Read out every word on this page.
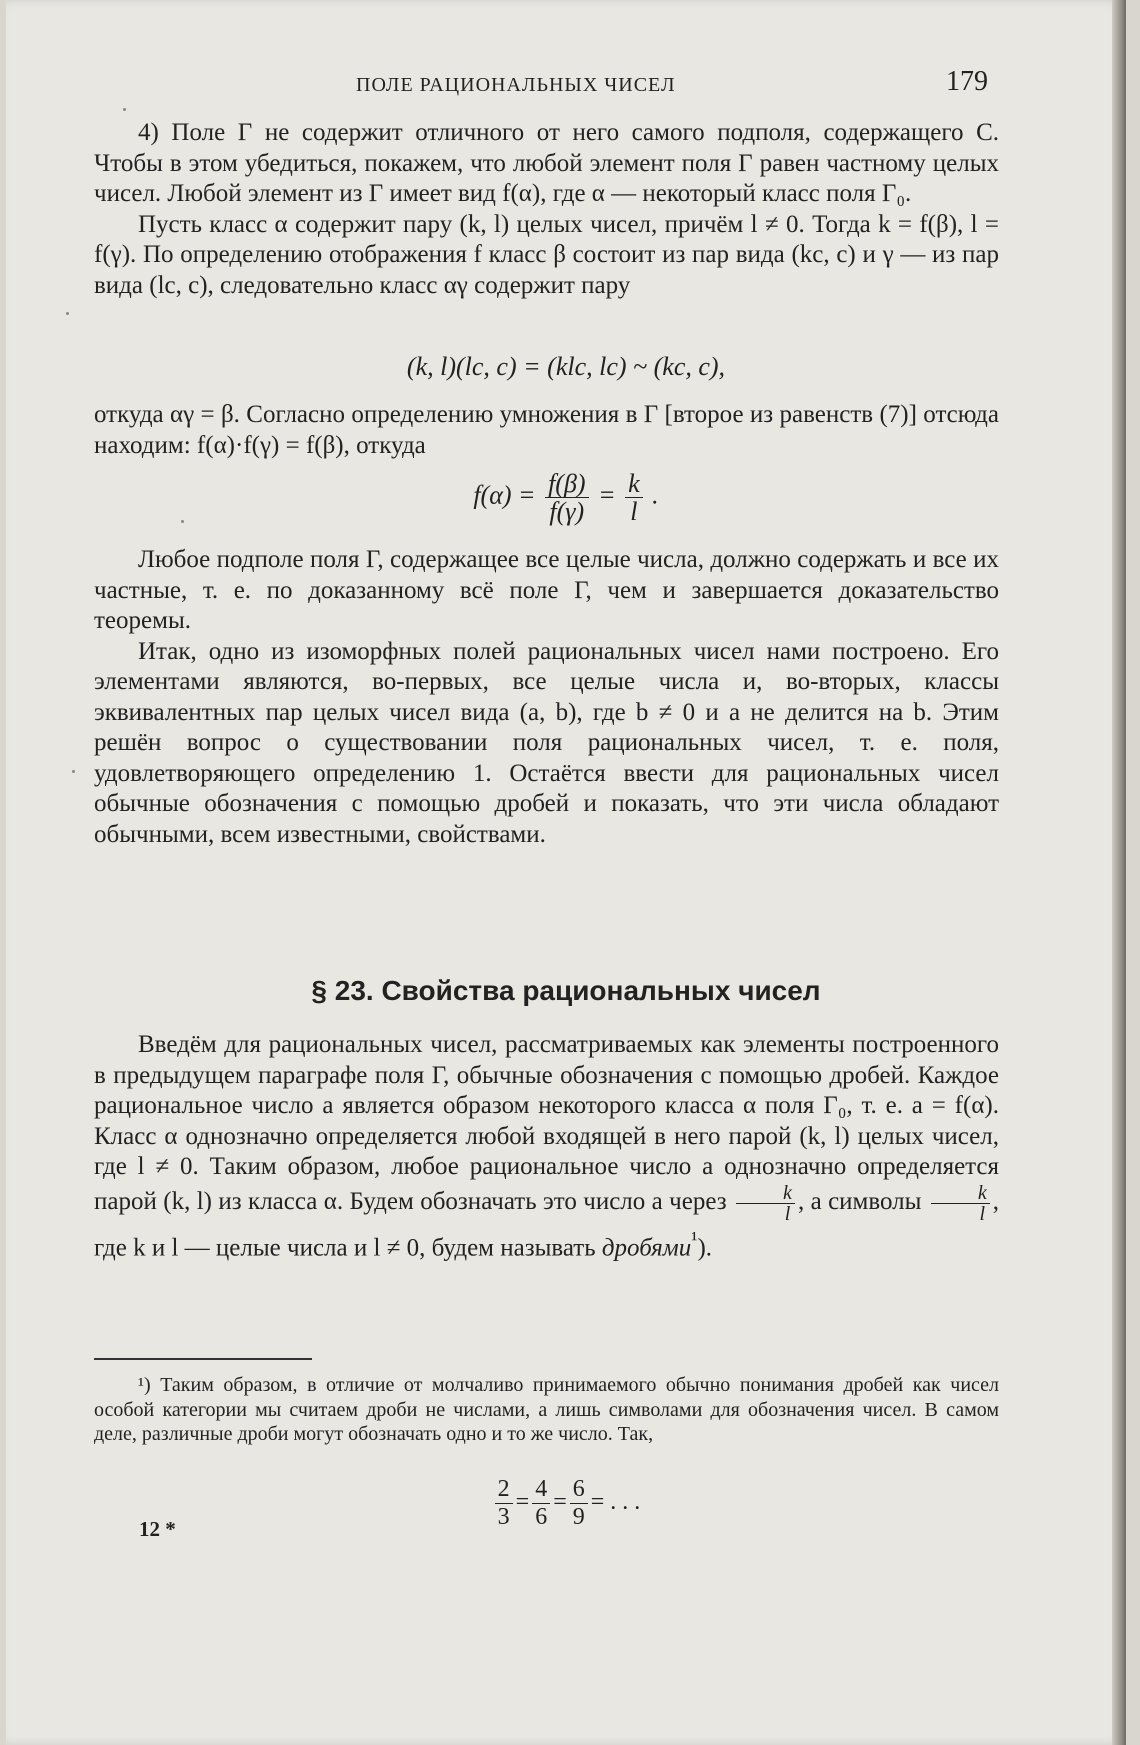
ПОЛЕ РАЦИОНАЛЬНЫХ ЧИСЕЛ	179

4) Поле Γ не содержит отличного от него самого подполя, содержащего C. Чтобы в этом убедиться, покажем, что любой элемент поля Γ равен частному целых чисел. Любой элемент из Γ имеет вид f(α), где α — некоторый класс поля Γ₀.

Пусть класс α содержит пару (k, l) целых чисел, причём l ≠ 0. Тогда k = f(β), l = f(γ). По определению отображения f класс β состоит из пар вида (kc, c) и γ — из пар вида (lc, c), следовательно класс αγ содержит пару

(k, l)(lc, c) = (klc, lc) ~ (kc, c),

откуда αγ = β. Согласно определению умножения в Γ [второе из равенств (7)] отсюда находим: f(α)·f(γ) = f(β), откуда

$f(\alpha) = \frac{f(\beta)}{f(\gamma)} = \frac{k}{l}$ .

Любое подполе поля Γ, содержащее все целые числа, должно содержать и все их частные, т. е. по доказанному всё поле Γ, чем и завершается доказательство теоремы.

Итак, одно из изоморфных полей рациональных чисел нами построено. Его элементами являются, во-первых, все целые числа и, во-вторых, классы эквивалентных пар целых чисел вида (a, b), где b ≠ 0 и a не делится на b. Этим решён вопрос о существовании поля рациональных чисел, т. е. поля, удовлетворяющего определению 1. Остаётся ввести для рациональных чисел обычные обозначения с помощью дробей и показать, что эти числа обладают обычными, всем известными, свойствами.

§ 23. Свойства рациональных чисел

Введём для рациональных чисел, рассматриваемых как элементы построенного в предыдущем параграфе поля Γ, обычные обозначения с помощью дробей. Каждое рациональное число a является образом некоторого класса α поля Γ₀, т. е. a = f(α). Класс α однозначно определяется любой входящей в него парой (k, l) целых чисел, где l ≠ 0. Таким образом, любое рациональное число a однозначно определяется парой (k, l) из класса α. Будем обозначать это число a через $\frac{k}{l}$ , а символы $\frac{k}{l}$ , где k и l — целые числа и l ≠ 0, будем называть дробями$^{^1}$).

¹) Таким образом, в отличие от молчаливо принимаемого обычно понимания дробей как чисел особой категории мы считаем дроби не числами, а лишь символами для обозначения чисел. В самом деле, различные дроби могут обозначать одно и то же число. Так,

$\frac{2}{3} = \frac{4}{6} = \frac{6}{9}$ = . . .
12 *
